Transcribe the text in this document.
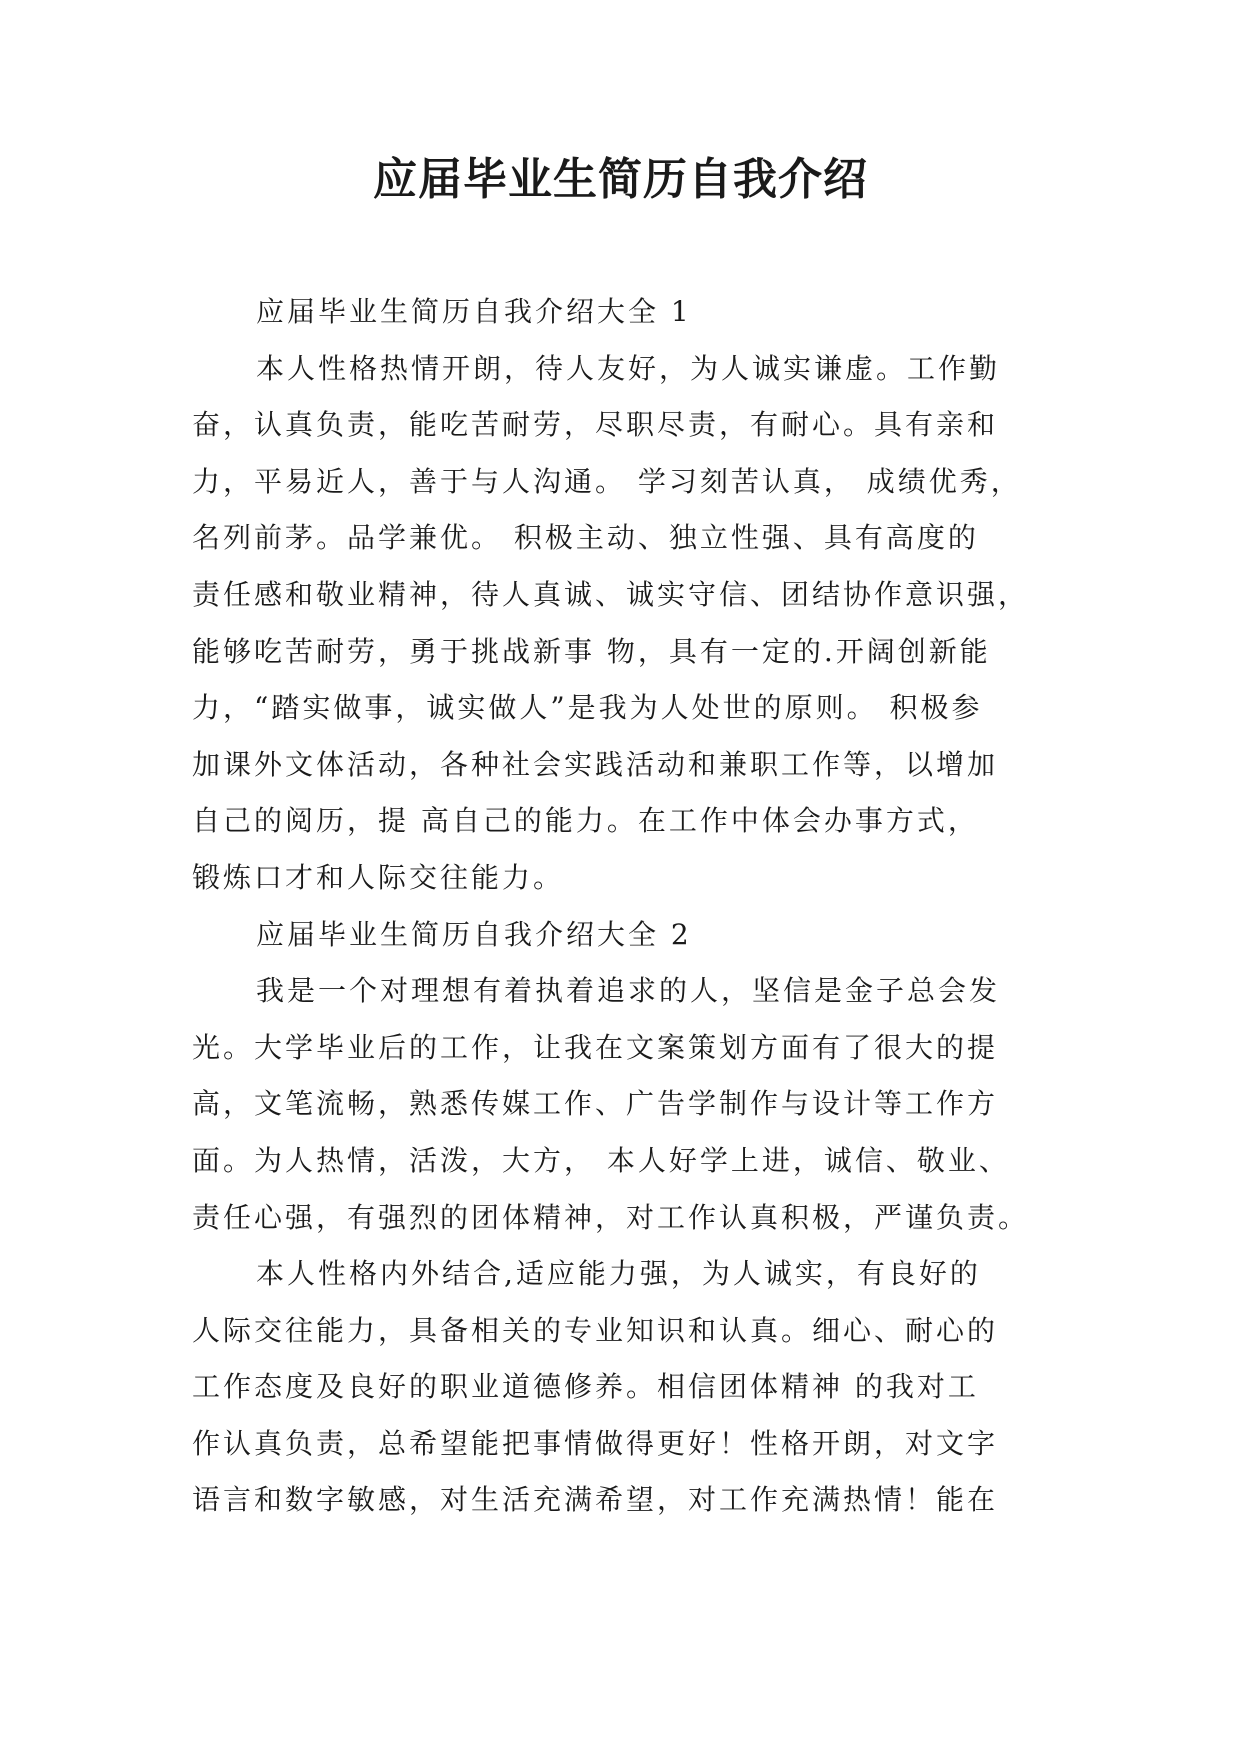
应届毕业生简历自我介绍
应届毕业生简历自我介绍大全 1
本人性格热情开朗，待人友好，为人诚实谦虚。工作勤
奋，认真负责，能吃苦耐劳，尽职尽责，有耐心。具有亲和
力，平易近人，善于与人沟通。 学习刻苦认真， 成绩优秀，
名列前茅。品学兼优。 积极主动、独立性强、具有高度的
责任感和敬业精神，待人真诚、诚实守信、团结协作意识强，
能够吃苦耐劳，勇于挑战新事 物，具有一定的.开阔创新能
力，“踏实做事，诚实做人”是我为人处世的原则。 积极参
加课外文体活动，各种社会实践活动和兼职工作等，以增加
自己的阅历，提 高自己的能力。在工作中体会办事方式，
锻炼口才和人际交往能力。
应届毕业生简历自我介绍大全 2
我是一个对理想有着执着追求的人，坚信是金子总会发
光。大学毕业后的工作，让我在文案策划方面有了很大的提
高，文笔流畅，熟悉传媒工作、广告学制作与设计等工作方
面。为人热情，活泼，大方， 本人好学上进，诚信、敬业、
责任心强，有强烈的团体精神，对工作认真积极，严谨负责。
本人性格内外结合,适应能力强，为人诚实，有良好的
人际交往能力，具备相关的专业知识和认真。细心、耐心的
工作态度及良好的职业道德修养。相信团体精神 的我对工
作认真负责，总希望能把事情做得更好！性格开朗，对文字
语言和数字敏感，对生活充满希望，对工作充满热情！能在
